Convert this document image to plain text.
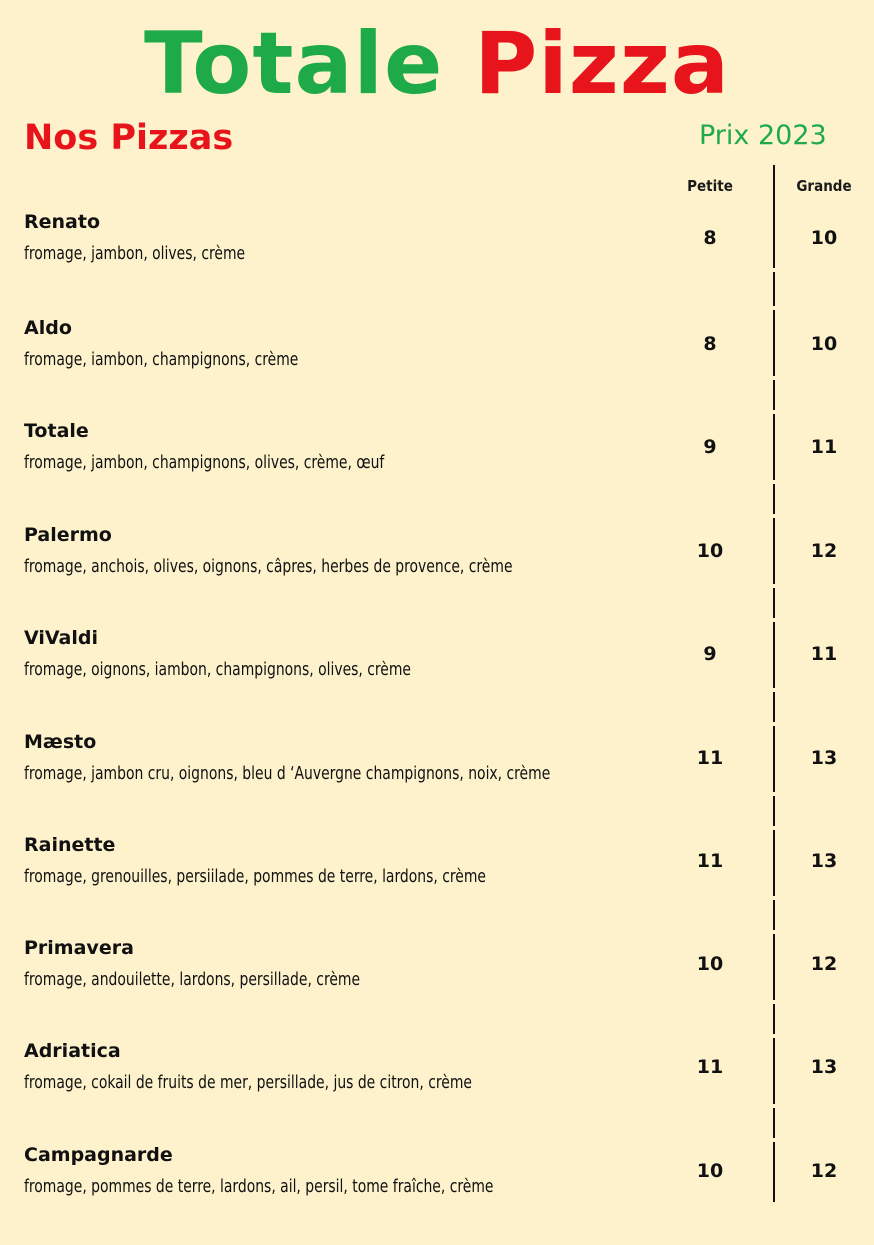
Totale Pizza
Nos Pizzas	Prix 2023
Petite	Grande
Renato
fromage, jambon, olives, crème
8	10
Aldo
fromage, iambon, champignons, crème
8	10
Totale
fromage, jambon, champignons, olives, crème, œuf
9	11
Palermo
fromage, anchois, olives, oignons, câpres, herbes de provence, crème
10	12
ViValdi
fromage, oignons, iambon, champignons, olives, crème
9	11
Mæsto
fromage, jambon cru, oignons, bleu d ‘Auvergne champignons, noix, crème
11	13
Rainette
fromage, grenouilles, persiilade, pommes de terre, lardons, crème
11	13
Primavera
fromage, andouilette, lardons, persillade, crème
10	12
Adriatica
fromage, cokail de fruits de mer, persillade, jus de citron, crème
11	13
Campagnarde
fromage, pommes de terre, lardons, ail, persil, tome fraîche, crème
10	12
